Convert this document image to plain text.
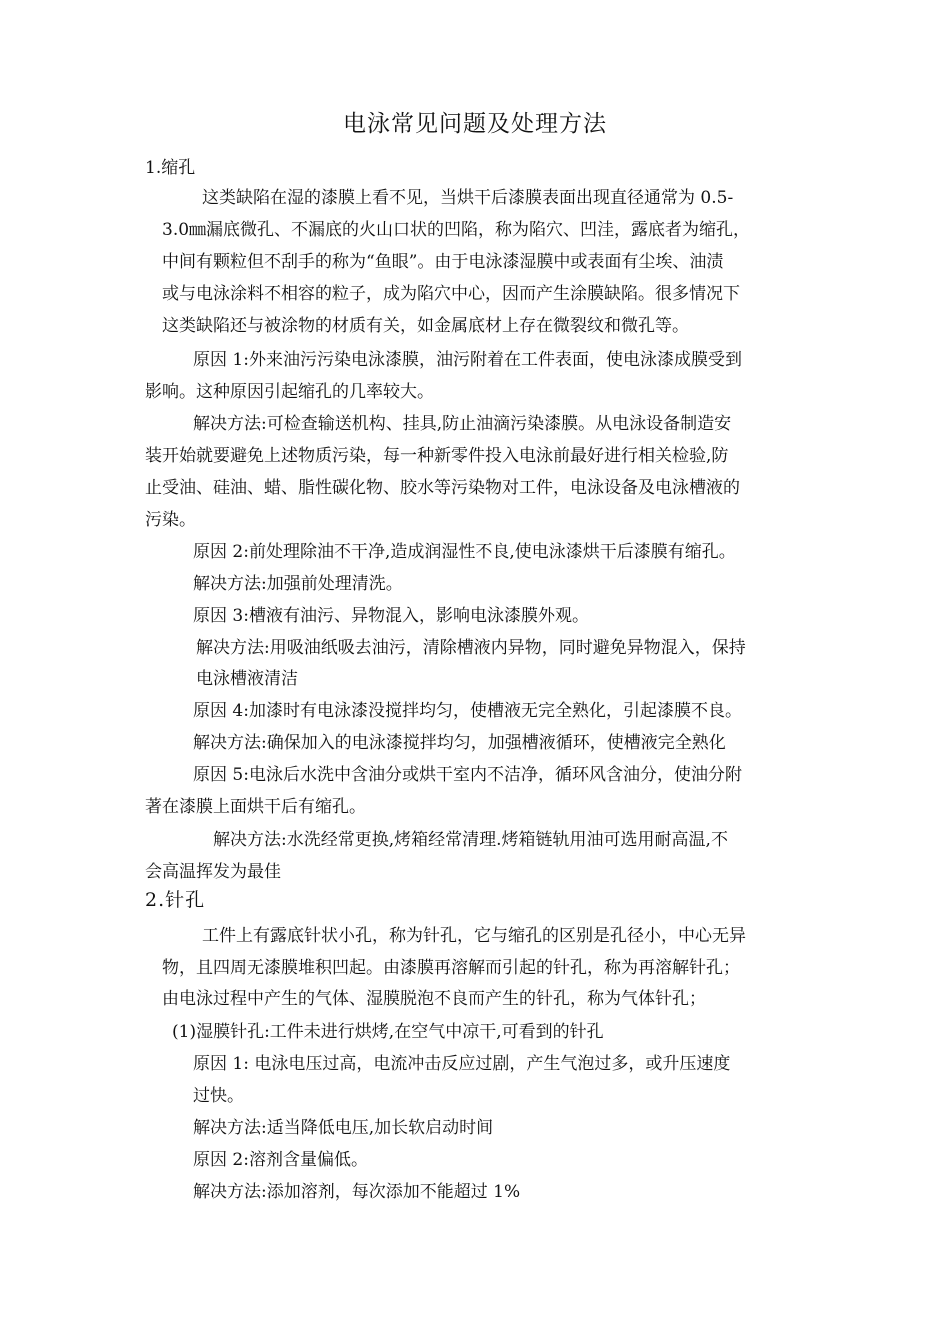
电泳常见问题及处理方法
1.缩孔
这类缺陷在湿的漆膜上看不见，当烘干后漆膜表面出现直径通常为 0.5-
3.0㎜漏底微孔、不漏底的火山口状的凹陷，称为陷穴、凹洼，露底者为缩孔，
中间有颗粒但不刮手的称为“鱼眼”。由于电泳漆湿膜中或表面有尘埃、油渍
或与电泳涂料不相容的粒子，成为陷穴中心，因而产生涂膜缺陷。很多情况下
这类缺陷还与被涂物的材质有关，如金属底材上存在微裂纹和微孔等。
原因 1:外来油污污染电泳漆膜，油污附着在工件表面，使电泳漆成膜受到
影响。这种原因引起缩孔的几率较大。
解决方法:可检查输送机构、挂具,防止油滴污染漆膜。从电泳设备制造安
装开始就要避免上述物质污染，每一种新零件投入电泳前最好进行相关检验,防
止受油、硅油、蜡、脂性碳化物、胶水等污染物对工件，电泳设备及电泳槽液的
污染。
原因 2:前处理除油不干净,造成润湿性不良,使电泳漆烘干后漆膜有缩孔。
解决方法:加强前处理清洗。
原因 3:槽液有油污、异物混入，影响电泳漆膜外观。
解决方法:用吸油纸吸去油污，清除槽液内异物，同时避免异物混入，保持
电泳槽液清洁
原因 4:加漆时有电泳漆没搅拌均匀，使槽液无完全熟化，引起漆膜不良。
解决方法:确保加入的电泳漆搅拌均匀，加强槽液循环，使槽液完全熟化
原因 5:电泳后水洗中含油分或烘干室内不洁净，循环风含油分，使油分附
著在漆膜上面烘干后有缩孔。
解决方法:水洗经常更换,烤箱经常清理.烤箱链轨用油可选用耐高温,不
会高温挥发为最佳
2.针孔
工件上有露底针状小孔，称为针孔，它与缩孔的区别是孔径小，中心无异
物，且四周无漆膜堆积凹起。由漆膜再溶解而引起的针孔，称为再溶解针孔；
由电泳过程中产生的气体、湿膜脱泡不良而产生的针孔，称为气体针孔；
(1)湿膜针孔:工件未进行烘烤,在空气中凉干,可看到的针孔
原因 1: 电泳电压过高，电流冲击反应过剧，产生气泡过多，或升压速度
过快。
解决方法:适当降低电压,加长软启动时间
原因 2:溶剂含量偏低。
解决方法:添加溶剂，每次添加不能超过 1%
